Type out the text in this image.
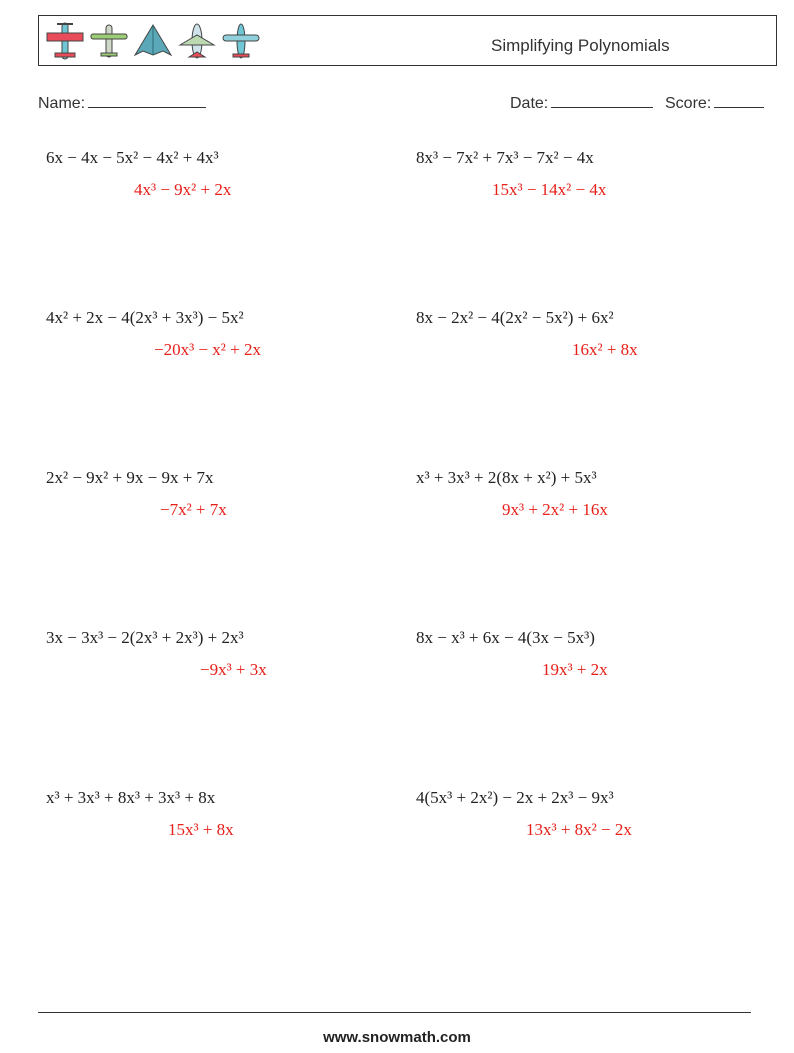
Simplifying Polynomials
Name:	Date:	Score:
6x − 4x − 5x² − 4x² + 4x³
4x³ − 9x² + 2x
8x³ − 7x² + 7x³ − 7x² − 4x
15x³ − 14x² − 4x
4x² + 2x − 4(2x³ + 3x³) − 5x²
−20x³ − x² + 2x
8x − 2x² − 4(2x² − 5x²) + 6x²
16x² + 8x
2x² − 9x² + 9x − 9x + 7x
−7x² + 7x
x³ + 3x³ + 2(8x + x²) + 5x³
9x³ + 2x² + 16x
3x − 3x³ − 2(2x³ + 2x³) + 2x³
−9x³ + 3x
8x − x³ + 6x − 4(3x − 5x³)
19x³ + 2x
x³ + 3x³ + 8x³ + 3x³ + 8x
15x³ + 8x
4(5x³ + 2x²) − 2x + 2x³ − 9x³
13x³ + 8x² − 2x
www.snowmath.com
